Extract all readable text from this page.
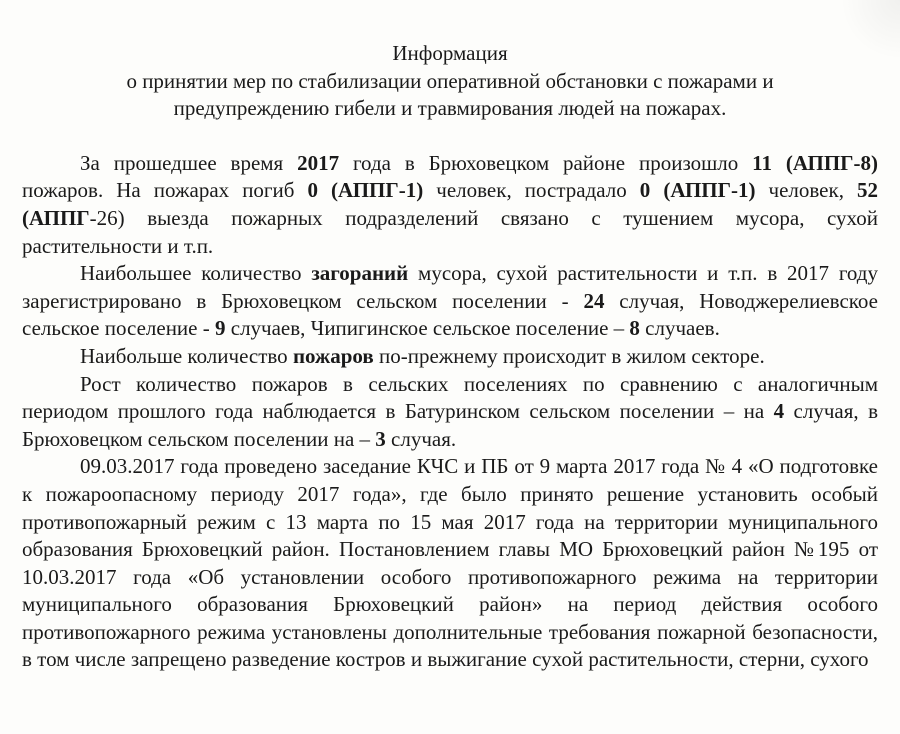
Информация
о принятии мер по стабилизации оперативной обстановки с пожарами и
предупреждению гибели и травмирования людей на пожарах.

За прошедшее время 2017 года в Брюховецком районе произошло 11 (АППГ-8) пожаров. На пожарах погиб 0 (АППГ-1) человек, пострадало 0 (АППГ-1) человек, 52 (АППГ-26) выезда пожарных подразделений связано с тушением мусора, сухой растительности и т.п.

Наибольшее количество загораний мусора, сухой растительности и т.п. в 2017 году зарегистрировано в Брюховецком сельском поселении - 24 случая, Новоджерелиевское сельское поселение - 9 случаев, Чипигинское сельское поселение – 8 случаев.

Наибольше количество пожаров по-прежнему происходит в жилом секторе.

Рост количество пожаров в сельских поселениях по сравнению с аналогичным периодом прошлого года наблюдается в Батуринском сельском поселении – на 4 случая, в Брюховецком сельском поселении на – 3 случая.

09.03.2017 года проведено заседание КЧС и ПБ от 9 марта 2017 года № 4 «О подготовке к пожароопасному периоду 2017 года», где было принято решение установить особый противопожарный режим с 13 марта по 15 мая 2017 года на территории муниципального образования Брюховецкий район. Постановлением главы МО Брюховецкий район №195 от 10.03.2017 года «Об установлении особого противопожарного режима на территории муниципального образования Брюховецкий район» на период действия особого противопожарного режима установлены дополнительные требования пожарной безопасности, в том числе запрещено разведение костров и выжигание сухой растительности, стерни, сухого
